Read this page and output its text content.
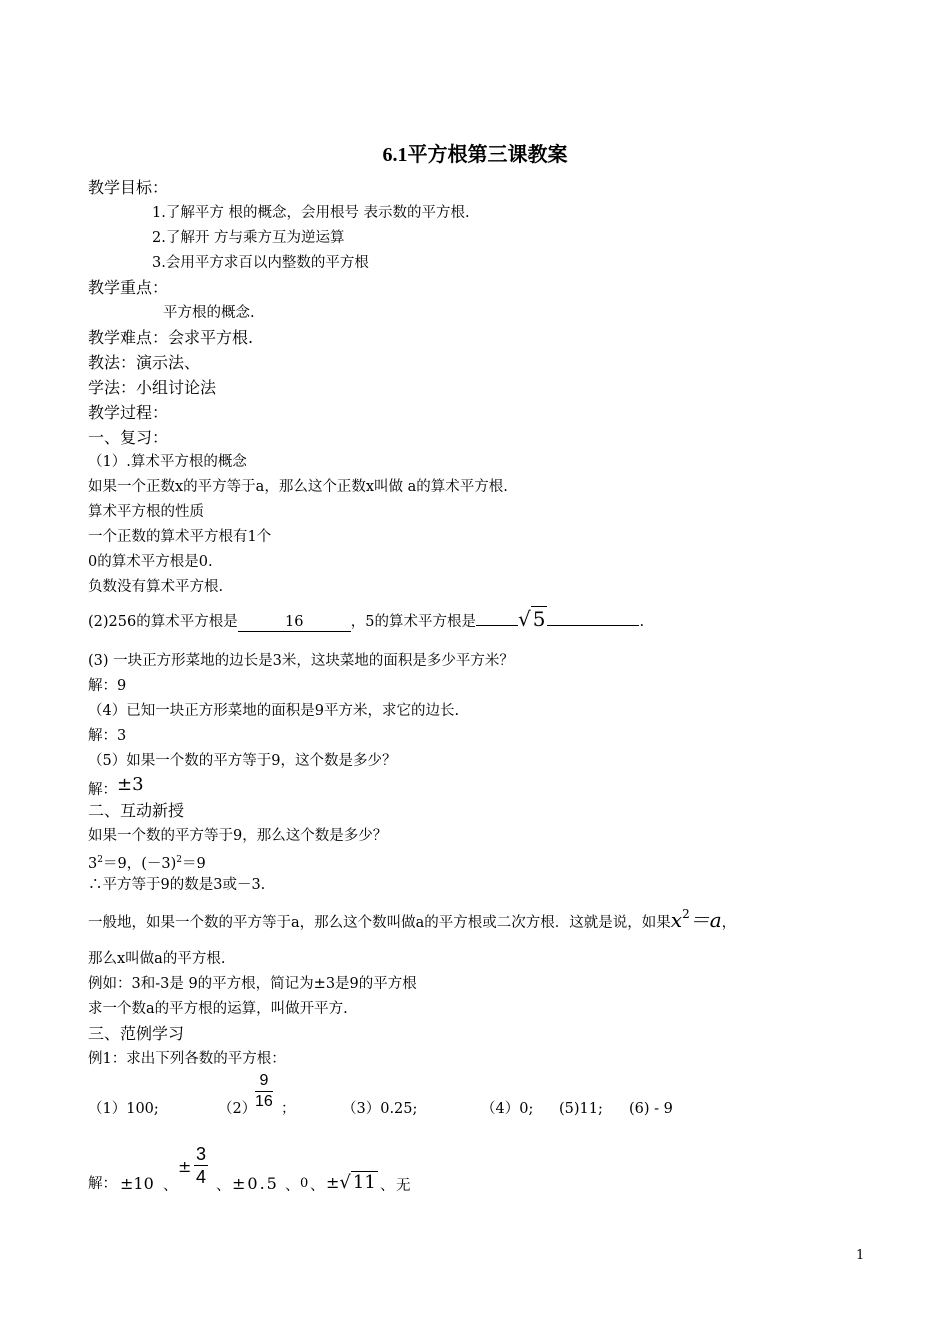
6.1平方根第三课教案
教学目标：
1.了解平方 根的概念，会用根号 表示数的平方根.
2.了解开 方与乘方互为逆运算
3.会用平方求百以内整数的平方根
教学重点：
平方根的概念.
教学难点：会求平方根.
教法：演示法、
学法：小组讨论法
教学过程：
一、复习：
（1）.算术平方根的概念
如果一个正数x的平方等于a，那么这个正数x叫做 a的算术平方根.
算术平方根的性质
一个正数的算术平方根有1个
0的算术平方根是0.
负数没有算术平方根.
(2)256的算术平方根是	16	，5的算术平方根是 √ 5	.
(3) 一块正方形菜地的边长是3米，这块菜地的面积是多少平方米？
解：9
（4）已知一块正方形菜地的面积是9平方米，求它的边长.
解：3
（5）如果一个数的平方等于9，这个数是多少？
解：±3
二、互动新授
如果一个数的平方等于9，那么这个数是多少？
$3^2=9$，$(-3)^2=9$
∴平方等于9的数是3或－3.
一般地，如果一个数的平方等于a，那么这个数叫做a的平方根或二次方根．这就是说，如果$x^2=a$，
那么x叫做a的平方根.
例如：3和-3是 9的平方根，简记为±3是9的平方根
求一个数a的平方根的运算，叫做开平方.
三、范例学习
例1：求出下列各数的平方根：
（1）100;	（2）
$\frac{9}{16}$ ；	（3）0.25;	（4）0; (5)11; (6) - 9
解： ±10 、
± $\frac{3}{4}$ 、 ±0.5 、 0 、 ±√ 11 、 无
1
